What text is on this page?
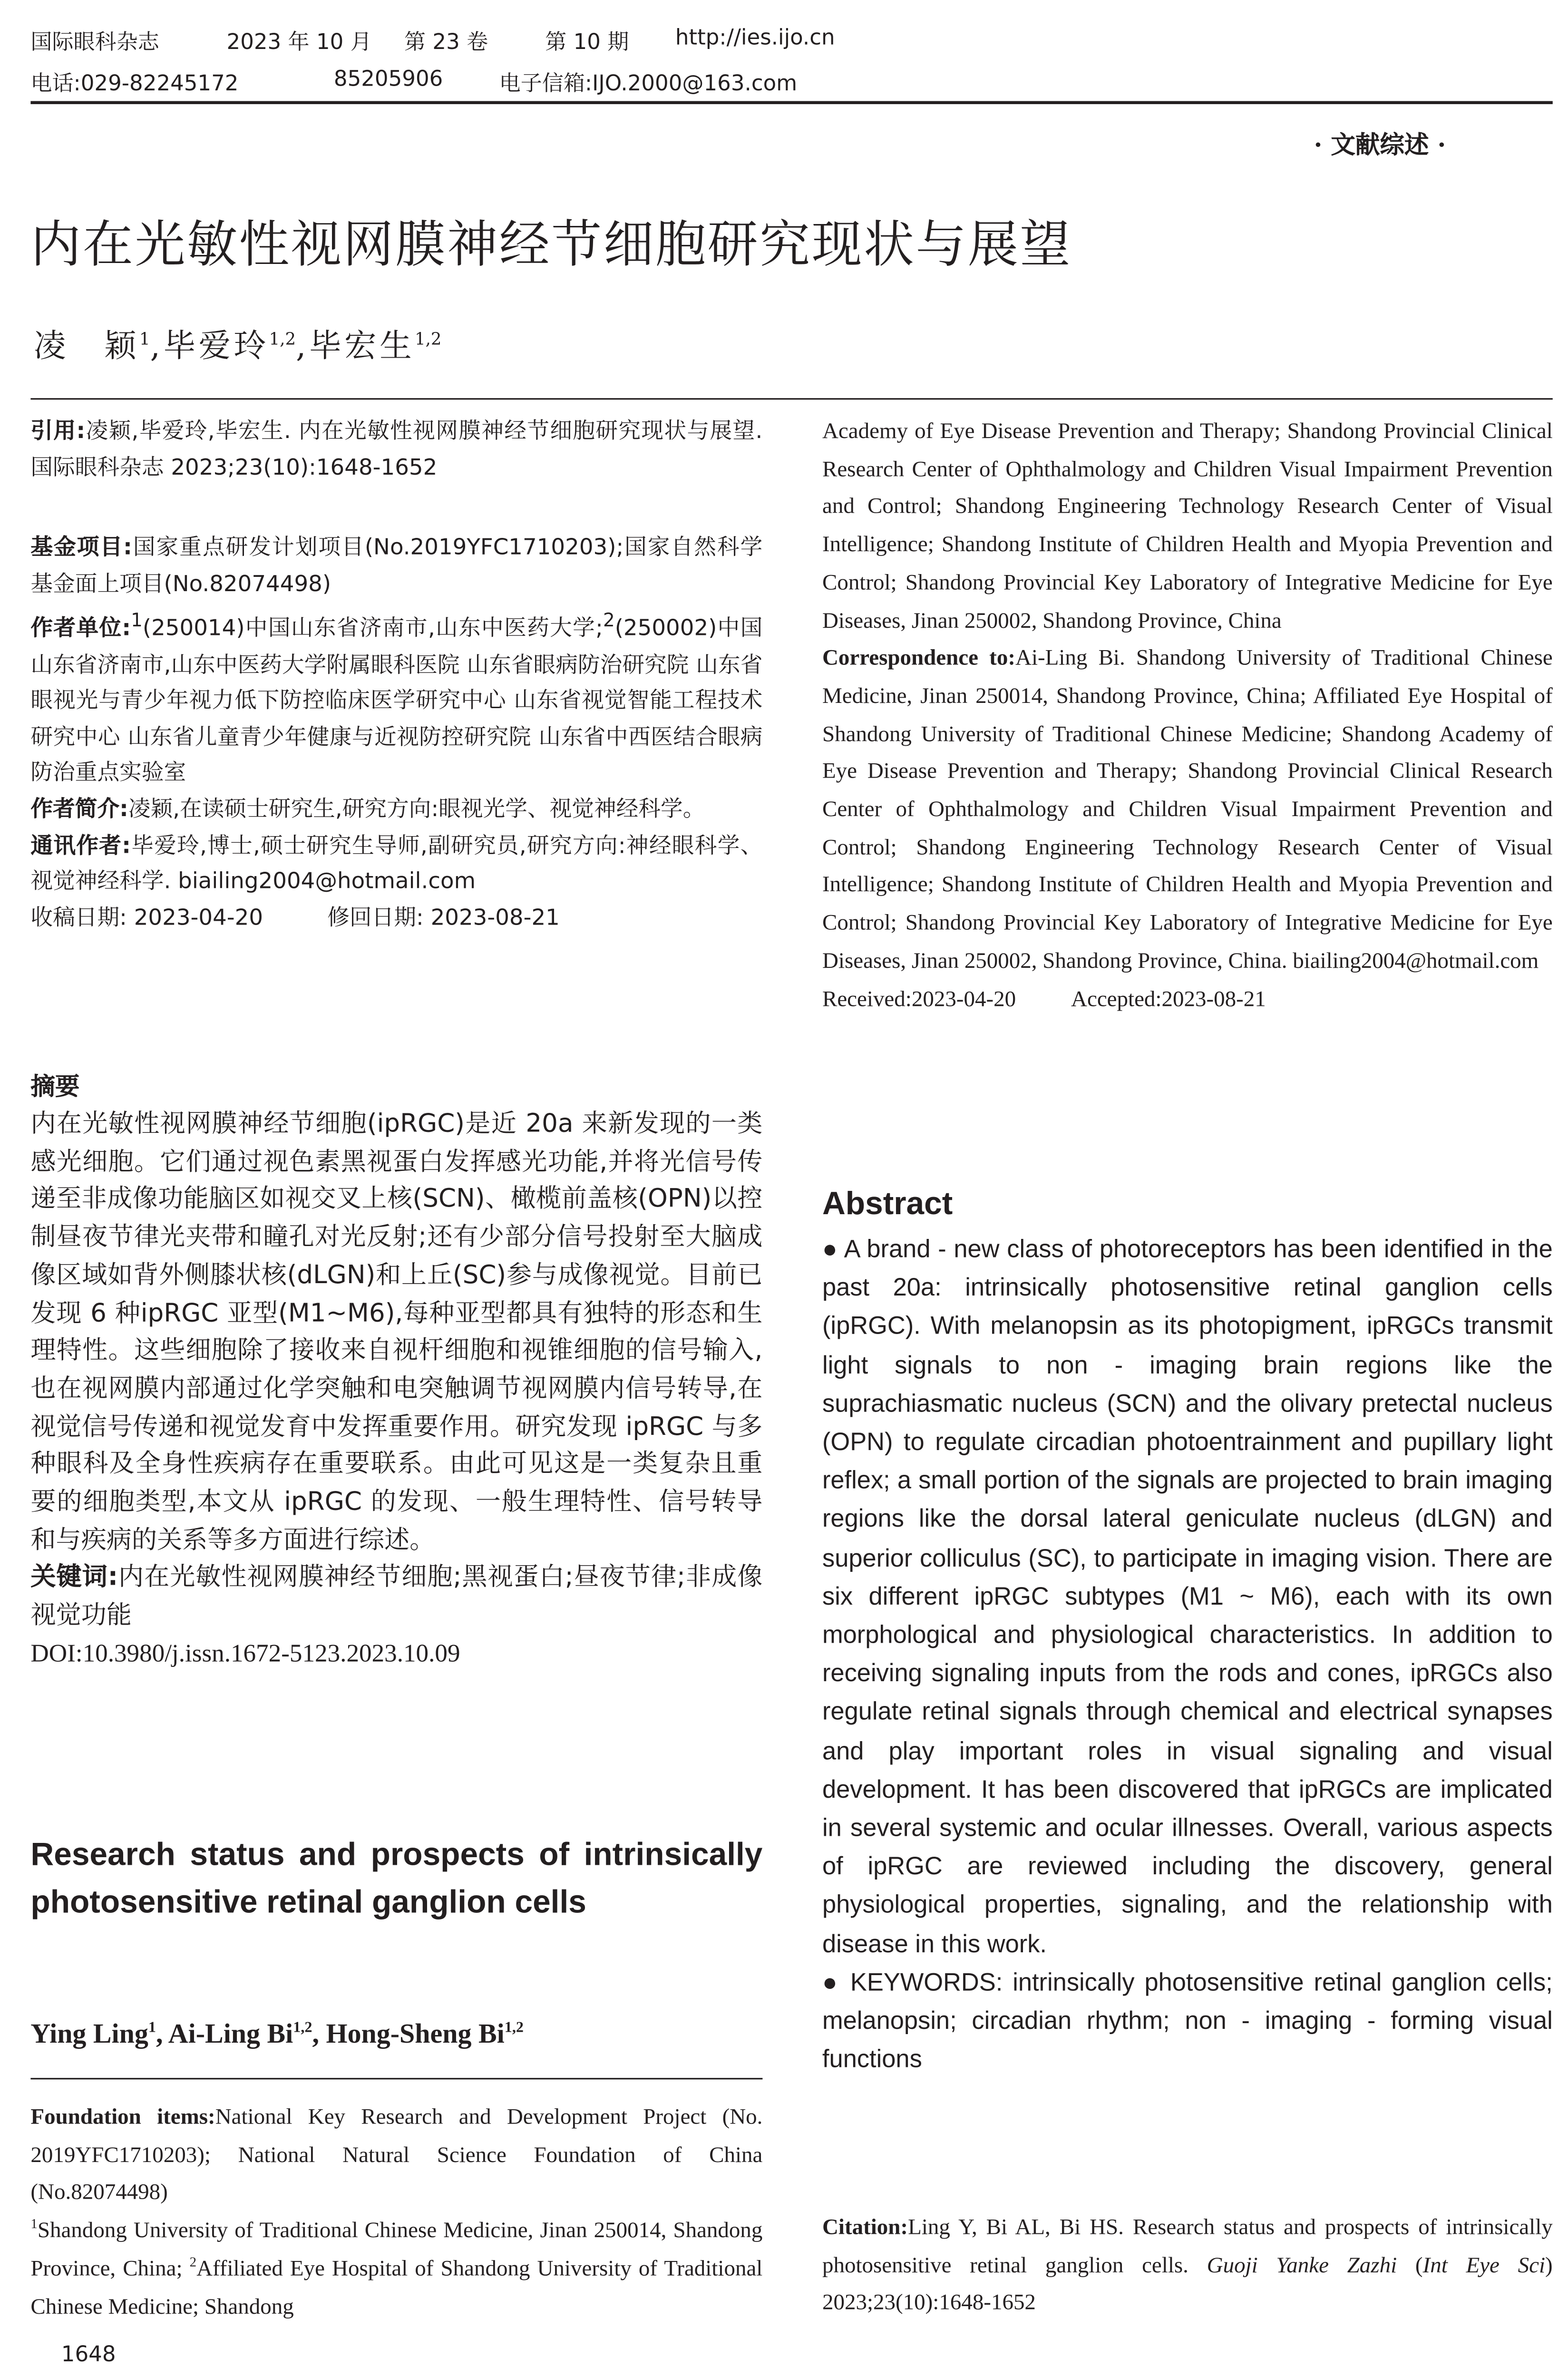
国际眼科杂志	2023 年 10 月	第 23 卷	第 10 期	http://ies.ijo.cn
电话:029-82245172	85205906	电子信箱:IJO.2000@163.com
· 文献综述 ·
内在光敏性视网膜神经节细胞研究现状与展望
凌　颖$^1$,毕爱玲$^{1,2}$,毕宏生$^{1,2}$
引用:凌颖,毕爱玲,毕宏生. 内在光敏性视网膜神经节细胞研究现状与展望. 国际眼科杂志 2023;23(10):1648-1652
基金项目:国家重点研发计划项目(No.2019YFC1710203);国家自然科学基金面上项目(No.82074498)
作者单位:$^1$(250014)中国山东省济南市,山东中医药大学;$^2$(250002)中国山东省济南市,山东中医药大学附属眼科医院 山东省眼病防治研究院 山东省眼视光与青少年视力低下防控临床医学研究中心 山东省视觉智能工程技术研究中心 山东省儿童青少年健康与近视防控研究院 山东省中西医结合眼病防治重点实验室
作者简介:凌颖,在读硕士研究生,研究方向:眼视光学、视觉神经科学。
通讯作者:毕爱玲,博士,硕士研究生导师,副研究员,研究方向:神经眼科学、视觉神经科学. biailing2004@hotmail.com
收稿日期: 2023-04-20	修回日期: 2023-08-21
摘要
内在光敏性视网膜神经节细胞(ipRGC)是近 20a 来新发现的一类感光细胞。它们通过视色素黑视蛋白发挥感光功能,并将光信号传递至非成像功能脑区如视交叉上核(SCN)、橄榄前盖核(OPN)以控制昼夜节律光夹带和瞳孔对光反射;还有少部分信号投射至大脑成像区域如背外侧膝状核(dLGN)和上丘(SC)参与成像视觉。目前已发现 6 种ipRGC 亚型(M1~M6),每种亚型都具有独特的形态和生理特性。这些细胞除了接收来自视杆细胞和视锥细胞的信号输入,也在视网膜内部通过化学突触和电突触调节视网膜内信号转导,在视觉信号传递和视觉发育中发挥重要作用。研究发现 ipRGC 与多种眼科及全身性疾病存在重要联系。由此可见这是一类复杂且重要的细胞类型,本文从 ipRGC 的发现、一般生理特性、信号转导和与疾病的关系等多方面进行综述。
关键词:内在光敏性视网膜神经节细胞;黑视蛋白;昼夜节律;非成像视觉功能
DOI:10.3980/j.issn.1672-5123.2023.10.09
Research status and prospects of intrinsically photosensitive retinal ganglion cells
Ying Ling$^1$, Ai-Ling Bi$^{1,2}$, Hong-Sheng Bi$^{1,2}$
Foundation items:National Key Research and Development Project (No. 2019YFC1710203); National Natural Science Foundation of China (No.82074498)
$^1$Shandong University of Traditional Chinese Medicine, Jinan 250014, Shandong Province, China; $^2$Affiliated Eye Hospital of Shandong University of Traditional Chinese Medicine; Shandong
1648
Academy of Eye Disease Prevention and Therapy; Shandong Provincial Clinical Research Center of Ophthalmology and Children Visual Impairment Prevention and Control; Shandong Engineering Technology Research Center of Visual Intelligence; Shandong Institute of Children Health and Myopia Prevention and Control; Shandong Provincial Key Laboratory of Integrative Medicine for Eye Diseases, Jinan 250002, Shandong Province, China
Correspondence to:Ai-Ling Bi. Shandong University of Traditional Chinese Medicine, Jinan 250014, Shandong Province, China; Affiliated Eye Hospital of Shandong University of Traditional Chinese Medicine; Shandong Academy of Eye Disease Prevention and Therapy; Shandong Provincial Clinical Research Center of Ophthalmology and Children Visual Impairment Prevention and Control; Shandong Engineering Technology Research Center of Visual Intelligence; Shandong Institute of Children Health and Myopia Prevention and Control; Shandong Provincial Key Laboratory of Integrative Medicine for Eye Diseases, Jinan 250002, Shandong Province, China. biailing2004@hotmail.com
Received:2023-04-20	Accepted:2023-08-21
Abstract
● A brand - new class of photoreceptors has been identified in the past 20a: intrinsically photosensitive retinal ganglion cells (ipRGC). With melanopsin as its photopigment, ipRGCs transmit light signals to non - imaging brain regions like the suprachiasmatic nucleus (SCN) and the olivary pretectal nucleus (OPN) to regulate circadian photoentrainment and pupillary light reflex; a small portion of the signals are projected to brain imaging regions like the dorsal lateral geniculate nucleus (dLGN) and superior colliculus (SC), to participate in imaging vision. There are six different ipRGC subtypes (M1 ~ M6), each with its own morphological and physiological characteristics. In addition to receiving signaling inputs from the rods and cones, ipRGCs also regulate retinal signals through chemical and electrical synapses and play important roles in visual signaling and visual development. It has been discovered that ipRGCs are implicated in several systemic and ocular illnesses. Overall, various aspects of ipRGC are reviewed including the discovery, general physiological properties, signaling, and the relationship with disease in this work.
● KEYWORDS: intrinsically photosensitive retinal ganglion cells; melanopsin; circadian rhythm; non - imaging - forming visual functions
Citation:Ling Y, Bi AL, Bi HS. Research status and prospects of intrinsically photosensitive retinal ganglion cells. Guoji Yanke Zazhi (Int Eye Sci) 2023;23(10):1648-1652
